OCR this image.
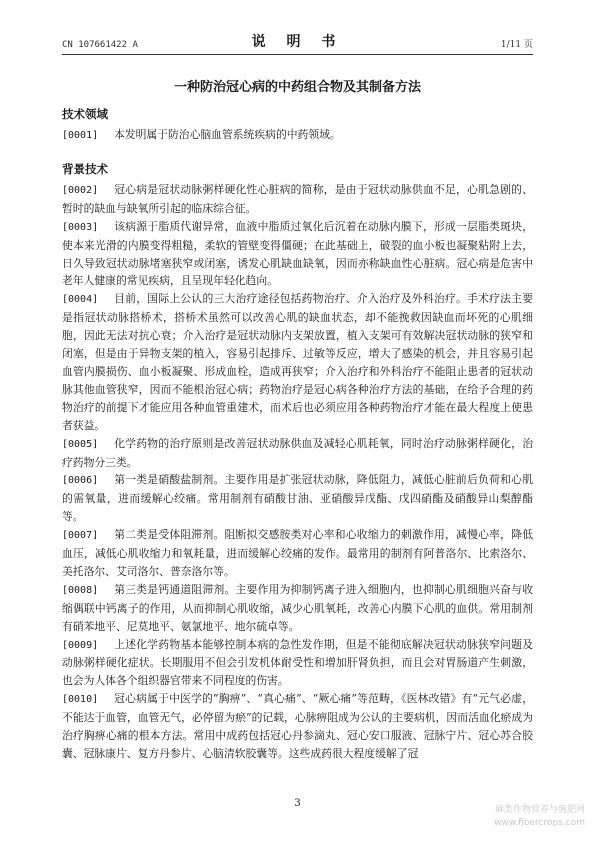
CN 107661422 A	说 明 书	1/11 页
一种防治冠心病的中药组合物及其制备方法
技术领域

[0001] 本发明属于防治心脑血管系统疾病的中药领域。

背景技术

[0002] 冠心病是冠状动脉粥样硬化性心脏病的简称，是由于冠状动脉供血不足，心肌急剧的、暂时的缺血与缺氧所引起的临床综合征。

[0003] 该病源于脂质代谢异常，血液中脂质过氧化后沉着在动脉内膜下，形成一层脂类斑块，使本来光滑的内膜变得粗糙，柔软的管壁变得僵硬；在此基础上，破裂的血小板也凝聚粘附上去，日久导致冠状动脉堵塞狭窄或闭塞，诱发心肌缺血缺氧，因而亦称缺血性心脏病。冠心病是危害中老年人健康的常见疾病，且呈现年轻化趋向。

[0004] 目前，国际上公认的三大治疗途径包括药物治疗、介入治疗及外科治疗。手术疗法主要是指冠状动脉搭桥术，搭桥术虽然可以改善心肌的缺血状态，却不能挽救因缺血而坏死的心肌细胞，因此无法对抗心衰；介入治疗是冠状动脉内支架放置，植入支架可有效解决冠状动脉的狭窄和闭塞，但是由于异物支架的植入，容易引起排斥、过敏等反应，增大了感染的机会，并且容易引起血管内膜损伤、血小板凝聚、形成血栓，造成再狭窄；介入治疗和外科治疗不能阻止患者的冠状动脉其他血管狭窄，因而不能根治冠心病；药物治疗是冠心病各种治疗方法的基础，在给予合理的药物治疗的前提下才能应用各种血管重建术，而术后也必须应用各种药物治疗才能在最大程度上使患者获益。

[0005] 化学药物的治疗原则是改善冠状动脉供血及减轻心肌耗氧，同时治疗动脉粥样硬化，治疗药物分三类。

[0006] 第一类是硝酸盐制剂。主要作用是扩张冠状动脉，降低阻力，减低心脏前后负荷和心肌的需氧量，进而缓解心绞痛。常用制剂有硝酸甘油、亚硝酸异戊酯、戊四硝酯及硝酸异山梨醇酯等。

[0007] 第二类是受体阻滞剂。阻断拟交感胺类对心率和心收缩力的刺激作用，减慢心率，降低血压，减低心肌收缩力和氧耗量，进而缓解心绞痛的发作。最常用的制剂有阿普洛尔、比索洛尔、美托洛尔、艾司洛尔、普奈洛尔等。

[0008] 第三类是钙通道阻滞剂。主要作用为抑制钙离子进入细胞内，也抑制心肌细胞兴奋与收缩偶联中钙离子的作用，从而抑制心肌收缩，减少心肌氧耗，改善心内膜下心肌的血供。常用制剂有硝苯地平、尼莫地平、氨氯地平、地尔硫卓等。

[0009] 上述化学药物基本能够控制本病的急性发作期，但是不能彻底解决冠状动脉狭窄问题及动脉粥样硬化症状。长期服用不但会引发机体耐受性和增加肝肾负担，而且会对胃肠道产生刺激，也会为人体各个组织器官带来不同程度的伤害。

[0010] 冠心病属于中医学的“胸痹”、“真心痛”、“厥心痛”等范畴，《医林改错》有“元气必虚，不能达于血管，血管无气，必停留为瘀”的记载，心脉痹阻成为公认的主要病机，因而活血化瘀成为治疗胸痹心痛的根本方法。常用中成药包括冠心丹参滴丸、冠心安口服液、冠脉宁片、冠心苏合胶囊、冠脉康片、复方丹参片、心脑清软胶囊等。这些成药很大程度缓解了冠

3
麻类作物营养与施肥网
www.fibercrops.com
